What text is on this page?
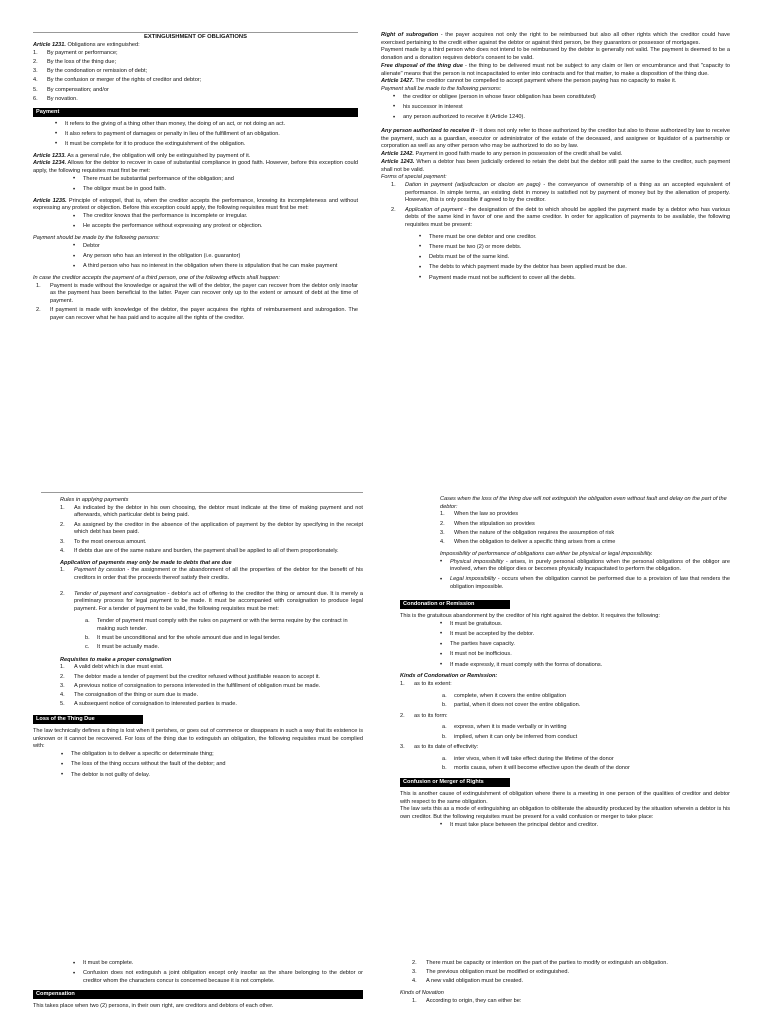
EXTINGUISHMENT OF OBLIGATIONS

Article 1231. Obligations are extinguished:

1.	By payment or performance;
2.	By the loss of the thing due;
3.	By the condonation or remission of debt;
4.	By the confusion or merger of the rights of creditor and debtor;
5.	By compensation; and/or
6.	By novation.
Payment
• It refers to the giving of a thing other than money, the doing of an act, or not doing an act.
• It also refers to payment of damages or penalty in lieu of the fulfillment of an obligation.
• It must be complete for it to produce the extinguishment of the obligation.

Article 1233. As a general rule, the obligation will only be extinguished by payment of it.

Article 1234. Allows for the debtor to recover in case of substantial compliance in good faith. However, before this exception could apply, the following requisites must first be met:

• There must be substantial performance of the obligation; and
• The obligor must be in good faith.

Article 1235. Principle of estoppel, that is, when the creditor accepts the performance, knowing its incompleteness and without expressing any protest or objection. Before this exception could apply, the following requisites must first be met:

• The creditor knows that the performance is incomplete or irregular.
• He accepts the performance without expressing any protest or objection.

Payment should be made by the following persons:

• Debtor
• Any person who has an interest in the obligation (i.e. guarantor)
• A third person who has no interest in the obligation when there is stipulation that he can make payment

In case the creditor accepts the payment of a third person, one of the following effects shall happen:

1.	Payment is made without the knowledge or against the will of the debtor, the payer can recover from the debtor only insofar as the payment has been beneficial to the latter. Payer can recover only up to the extent or amount of debt at the time of payment.
2.	If payment is made with knowledge of the debtor, the payer acquires the rights of reimbursement and subrogation. The payer can recover what he has paid and to acquire all the rights of the creditor.

Right of subrogation - the payer acquires not only the right to be reimbursed but also all other rights which the creditor could have exercised pertaining to the credit either against the debtor or against third person, be they guarantors or possessor of mortgages.

Payment made by a third person who does not intend to be reimbursed by the debtor is generally not valid. The payment is deemed to be a donation and a donation requires debtor's consent to be valid.

Free disposal of the thing due - the thing to be delivered must not be subject to any claim or lien or encumbrance and that "capacity to alienate" means that the person is not incapacitated to enter into contracts and for that matter, to make a disposition of the thing due.

Article 1427. The creditor cannot be compelled to accept payment where the person paying has no capacity to make it.

Payment shall be made to the following persons:

• the creditor or obligee (person in whose favor obligation has been constituted)
• his successor in interest
• any person authorized to receive it (Article 1240).

Any person authorized to receive it - it does not only refer to those authorized by the creditor but also to those authorized by law to receive the payment, such as a guardian, executor or administrator of the estate of the deceased, and assignee or liquidator of a partnership or corporation as well as any other person who may be authorized to do so by law.

Article 1242. Payment in good faith made to any person in possession of the credit shall be valid.

Article 1243. When a debtor has been judicially ordered to retain the debt but the debtor still paid the same to the creditor, such payment shall not be valid.

Forms of special payment:

1.	Dation in payment (adjudicacion or dacion en pago) - the conveyance of ownership of a thing as an accepted equivalent of performance. In simple terms, an existing debt in money is satisfied not by payment of money but by the alienation of property. However, this is only possible if agreed to by the creditor.
2.	Application of payment - the designation of the debt to which should be applied the payment made by a debtor who has various debts of the same kind in favor of one and the same creditor. In order for application of payments to be available, the following requisites must be present:
• There must be one debtor and one creditor.
• There must be two (2) or more debts.
• Debts must be of the same kind.
• The debts to which payment made by the debtor has been applied must be due.
• Payment made must not be sufficient to cover all the debts.

Rules in applying payments

1.	As indicated by the debtor in his own choosing, the debtor must indicate at the time of making payment and not afterwards, which particular debt is being paid.
2.	As assigned by the creditor in the absence of the application of payment by the debtor by specifying in the receipt which debt has been paid.
3.	To the most onerous amount.
4.	If debts due are of the same nature and burden, the payment shall be applied to all of them proportionately.

Application of payments may only be made to debts that are due

1.	Payment by cession - the assignment or the abandonment of all the properties of the debtor for the benefit of his creditors in order that the proceeds thereof satisfy their credits.
2.	Tender of payment and consignation - debtor's act of offering to the creditor the thing or amount due. It is merely a preliminary process for legal payment to be made. It must be accompanied with consignation to produce legal payment. For a tender of payment to be valid, the following requisites must be met:
a.	Tender of payment must comply with the rules on payment or with the terms require by the contract in making such tender.
b.	It must be unconditional and for the whole amount due and in legal tender.
c.	It must be actually made.

Requisites to make a proper consignation

1.	A valid debt which is due must exist.
2.	The debtor made a tender of payment but the creditor refused without justifiable reason to accept it.
3.	A previous notice of consignation to persons interested in the fulfillment of obligation must be made.
4.	The consignation of the thing or sum due is made.
5.	A subsequent notice of consignation to interested parties is made.
Loss of the Thing Due

The law technically defines a thing is lost when it perishes, or goes out of commerce or disappears in such a way that its existence is unknown or it cannot be recovered. For loss of the thing due to extinguish an obligation, the following requisites must be complied with:

• The obligation is to deliver a specific or determinate thing;
• The loss of the thing occurs without the fault of the debtor; and
• The debtor is not guilty of delay.

Cases when the loss of the thing due will not extinguish the obligation even without fault and delay on the part of the debtor:

1.	When the law so provides
2.	When the stipulation so provides
3.	When the nature of the obligation requires the assumption of risk
4.	When the obligation to deliver a specific thing arises from a crime

Impossibility of performance of obligations can either be physical or legal impossibility.

• Physical impossibility - arises, in purely personal obligations when the personal obligations of the obligor are involved, when the obligor dies or becomes physically incapacitated to perform the obligation.
• Legal impossibility - occurs when the obligation cannot be performed due to a provision of law that renders the obligation impossible.
Condonation or Remission

This is the gratuitous abandonment by the creditor of his right against the debtor. It requires the following:

• It must be gratuitous.
• It must be accepted by the debtor.
• The parties have capacity.
• It must not be inofficious.
• If made expressly, it must comply with the forms of donations.

Kinds of Condonation or Remission:

1.	as to its extent:
a.	complete, when it covers the entire obligation
b.	partial, when it does not cover the entire obligation.
2.	as to its form:
a.	express, when it is made verbally or in writing
b.	implied, when it can only be inferred from conduct
3.	as to its date of effectivity:
a.	inter vivos, when it will take effect during the lifetime of the donor
b.	mortis causa, when it will become effective upon the death of the donor
Confusion or Merger of Rights

This is another cause of extinguishment of obligation where there is a meeting in one person of the qualities of creditor and debtor with respect to the same obligation.

The law sets this as a mode of extinguishing an obligation to obliterate the absurdity produced by the situation wherein a debtor is his own creditor. But the following requisites must be present for a valid confusion or merger to take place:

• It must take place between the principal debtor and creditor.
• It must be complete.
• Confusion does not extinguish a joint obligation except only insofar as the share belonging to the debtor or creditor whom the characters concur is concerned because it is not complete.
Compensation

This takes place when two (2) persons, in their own right, are creditors and debtors of each other.

2.	There must be capacity or intention on the part of the parties to modify or extinguish an obligation.
3.	The previous obligation must be modified or extinguished.
4.	A new valid obligation must be created.

Kinds of Novation

1.	According to origin, they can either be:
